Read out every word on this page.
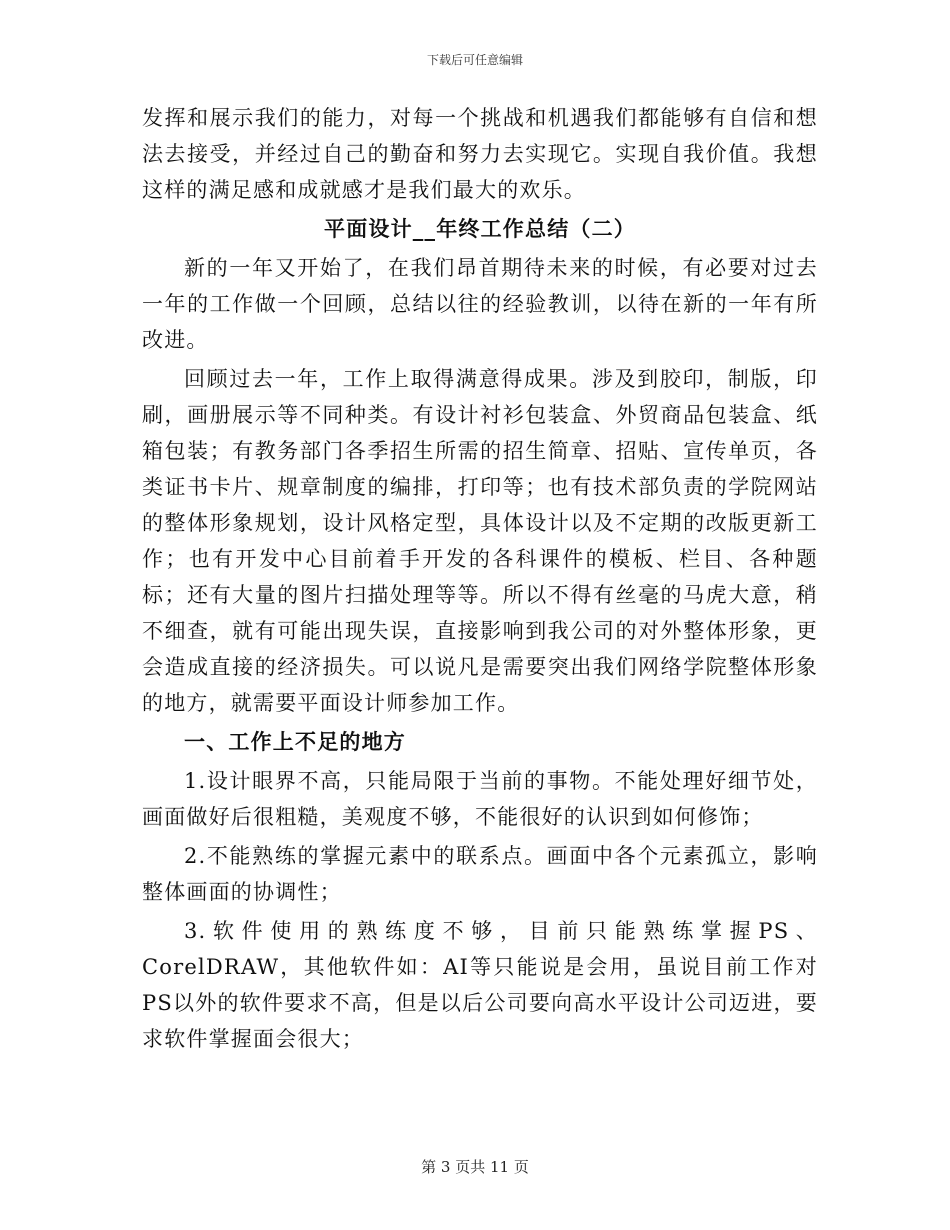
下载后可任意编辑

发挥和展示我们的能力，对每一个挑战和机遇我们都能够有自信和想法去接受，并经过自己的勤奋和努力去实现它。实现自我价值。我想这样的满足感和成就感才是我们最大的欢乐。

平面设计__年终工作总结（二）

新的一年又开始了，在我们昂首期待未来的时候，有必要对过去一年的工作做一个回顾，总结以往的经验教训，以待在新的一年有所改进。

回顾过去一年，工作上取得满意得成果。涉及到胶印，制版，印刷，画册展示等不同种类。有设计衬衫包装盒、外贸商品包装盒、纸箱包装；有教务部门各季招生所需的招生简章、招贴、宣传单页，各类证书卡片、规章制度的编排，打印等；也有技术部负责的学院网站的整体形象规划，设计风格定型，具体设计以及不定期的改版更新工作；也有开发中心目前着手开发的各科课件的模板、栏目、各种题标；还有大量的图片扫描处理等等。所以不得有丝毫的马虎大意，稍不细查，就有可能出现失误，直接影响到我公司的对外整体形象，更会造成直接的经济损失。可以说凡是需要突出我们网络学院整体形象的地方，就需要平面设计师参加工作。

一、工作上不足的地方

1.设计眼界不高，只能局限于当前的事物。不能处理好细节处，画面做好后很粗糙，美观度不够，不能很好的认识到如何修饰；

2.不能熟练的掌握元素中的联系点。画面中各个元素孤立，影响整体画面的协调性；

3.软件使用的熟练度不够，目前只能熟练掌握PS、CorelDRAW，其他软件如：AI等只能说是会用，虽说目前工作对PS以外的软件要求不高，但是以后公司要向高水平设计公司迈进，要求软件掌握面会很大；

第 3 页共 11 页
